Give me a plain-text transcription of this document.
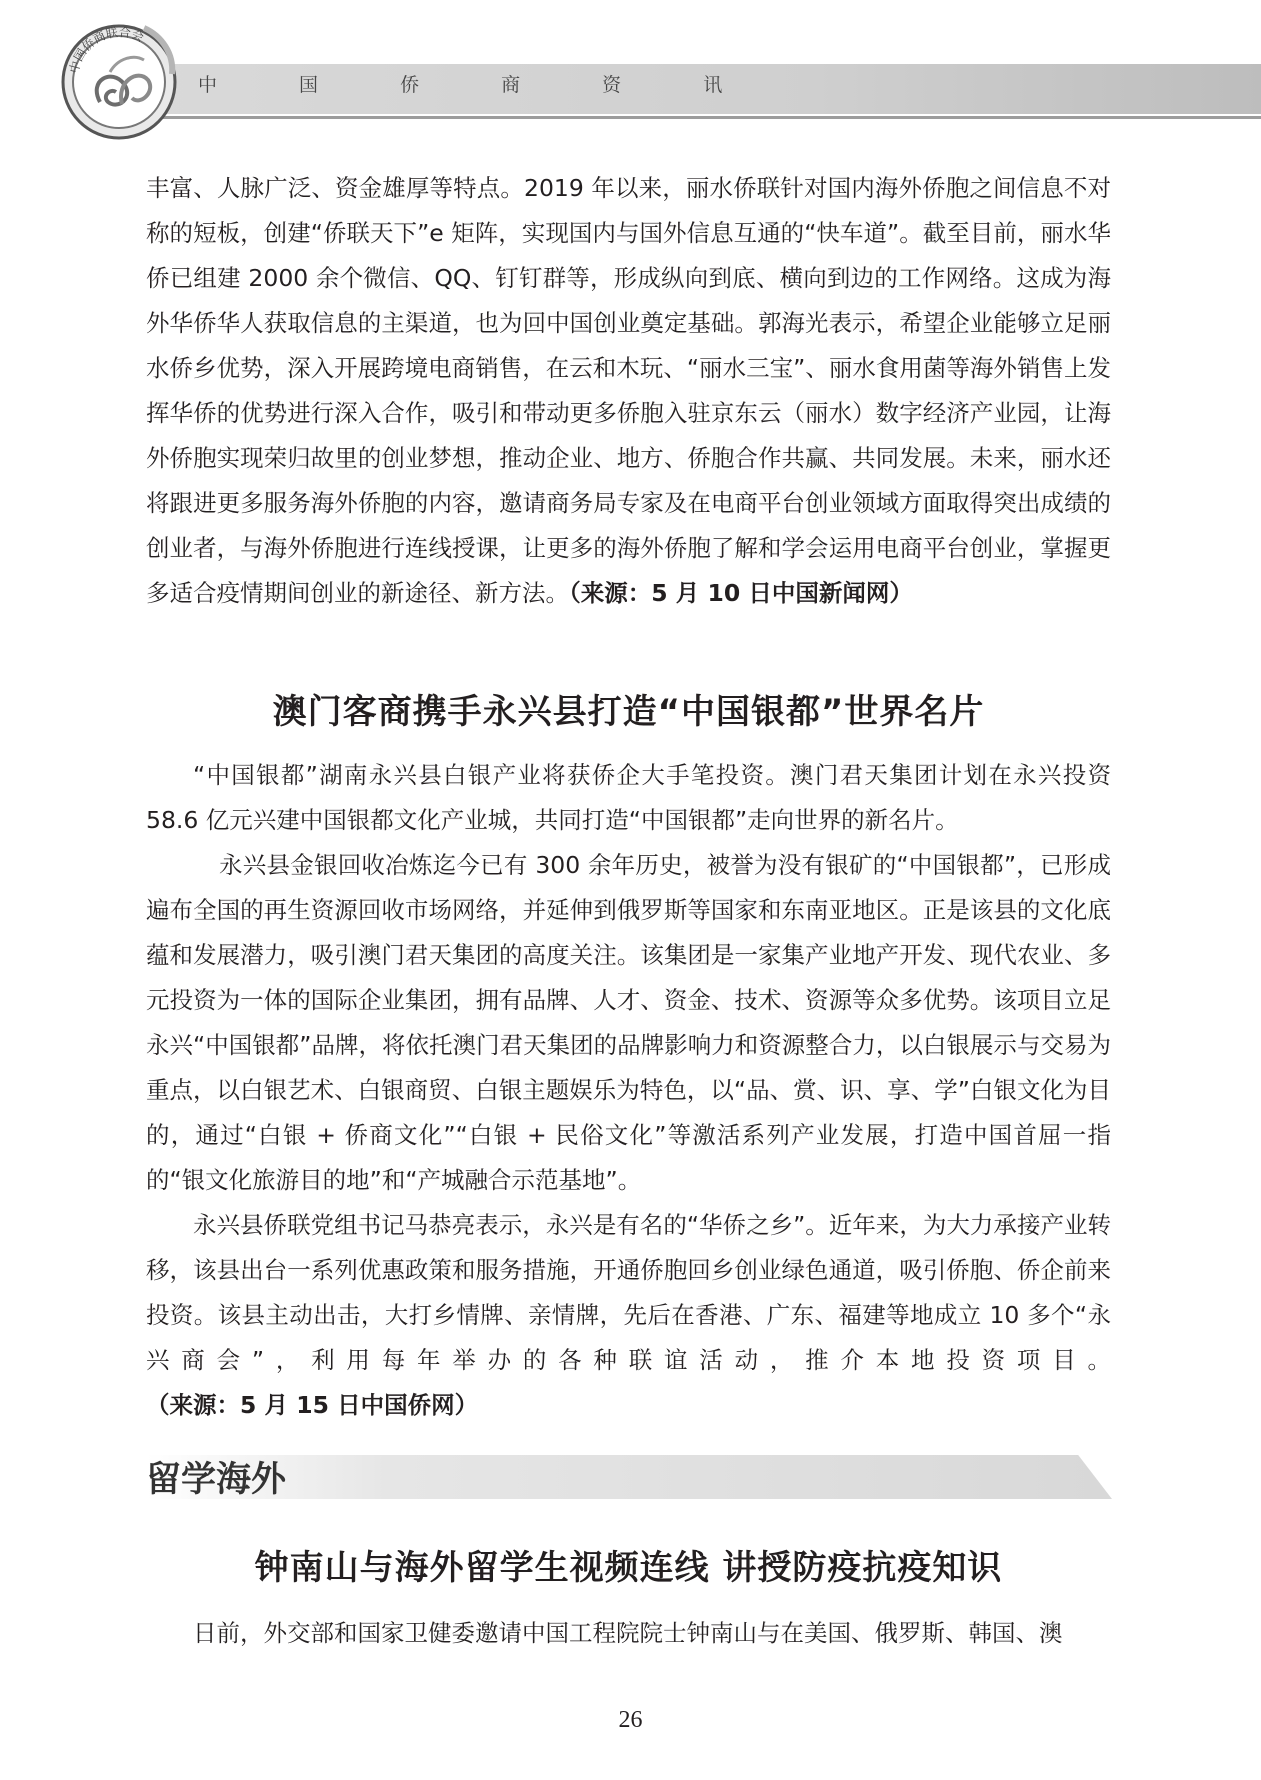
中 国 侨 商 资 讯
中国侨商联合会

丰富、人脉广泛、资金雄厚等特点。2019 年以来，丽水侨联针对国内海外侨胞之间信息不对称的短板，创建“侨联天下”e 矩阵，实现国内与国外信息互通的“快车道”。截至目前，丽水华侨已组建 2000 余个微信、QQ、钉钉群等，形成纵向到底、横向到边的工作网络。这成为海外华侨华人获取信息的主渠道，也为回中国创业奠定基础。郭海光表示，希望企业能够立足丽水侨乡优势，深入开展跨境电商销售，在云和木玩、“丽水三宝”、丽水食用菌等海外销售上发挥华侨的优势进行深入合作，吸引和带动更多侨胞入驻京东云（丽水）数字经济产业园，让海外侨胞实现荣归故里的创业梦想，推动企业、地方、侨胞合作共赢、共同发展。未来，丽水还将跟进更多服务海外侨胞的内容，邀请商务局专家及在电商平台创业领域方面取得突出成绩的创业者，与海外侨胞进行连线授课，让更多的海外侨胞了解和学会运用电商平台创业，掌握更多适合疫情期间创业的新途径、新方法。（来源：5 月 10 日中国新闻网）

澳门客商携手永兴县打造“中国银都”世界名片

“中国银都”湖南永兴县白银产业将获侨企大手笔投资。澳门君天集团计划在永兴投资 58.6 亿元兴建中国银都文化产业城，共同打造“中国银都”走向世界的新名片。

永兴县金银回收冶炼迄今已有 300 余年历史，被誉为没有银矿的“中国银都”，已形成遍布全国的再生资源回收市场网络，并延伸到俄罗斯等国家和东南亚地区。正是该县的文化底蕴和发展潜力，吸引澳门君天集团的高度关注。该集团是一家集产业地产开发、现代农业、多元投资为一体的国际企业集团，拥有品牌、人才、资金、技术、资源等众多优势。该项目立足永兴“中国银都”品牌，将依托澳门君天集团的品牌影响力和资源整合力，以白银展示与交易为重点，以白银艺术、白银商贸、白银主题娱乐为特色，以“品、赏、识、享、学”白银文化为目的，通过“白银 + 侨商文化”“白银 + 民俗文化”等激活系列产业发展，打造中国首屈一指的“银文化旅游目的地”和“产城融合示范基地”。

永兴县侨联党组书记马恭亮表示，永兴是有名的“华侨之乡”。近年来，为大力承接产业转移，该县出台一系列优惠政策和服务措施，开通侨胞回乡创业绿色通道，吸引侨胞、侨企前来投资。该县主动出击，大打乡情牌、亲情牌，先后在香港、广东、福建等地成立 10 多个“永兴商会”，利用每年举办的各种联谊活动，推介本地投资项目。（来源：5 月 15 日中国侨网）

留学海外
钟南山与海外留学生视频连线 讲授防疫抗疫知识

日前，外交部和国家卫健委邀请中国工程院院士钟南山与在美国、俄罗斯、韩国、澳

26
